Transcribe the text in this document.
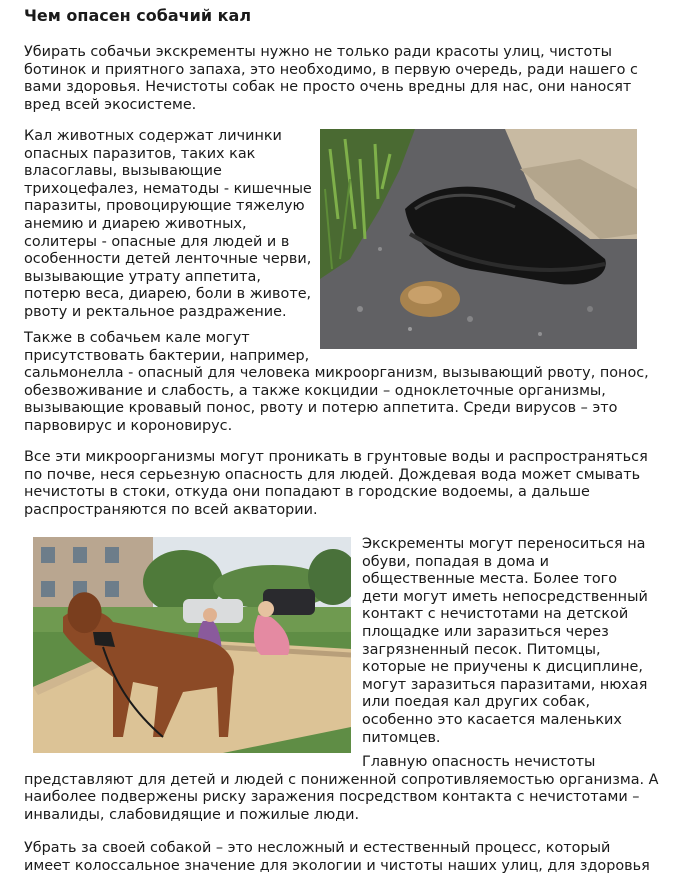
Чем опасен собачий кал

Убирать собачьи экскременты нужно не только ради красоты улиц, чистоты
ботинок и приятного запаха, это необходимо, в первую очередь, ради нашего с
вами здоровья. Нечистоты собак не просто очень вредны для нас, они наносят
вред всей экосистеме.

Кал животных содержат личинки
опасных паразитов, таких как
власоглавы, вызывающие
трихоцефалез, нематоды - кишечные
паразиты, провоцирующие тяжелую
анемию и диарею животных,
солитеры - опасные для людей и в
особенности детей ленточные черви,
вызывающие утрату аппетита,
потерю веса, диарею, боли в животе,
рвоту и ректальное раздражение.

Также в собачьем кале могут
присутствовать бактерии, например,
сальмонелла - опасный для человека микроорганизм, вызывающий рвоту, понос,
обезвоживание и слабость, а также кокцидии – одноклеточные организмы,
вызывающие кровавый понос, рвоту и потерю аппетита. Среди вирусов – это
парвовирус и короновирус.

Все эти микроорганизмы могут проникать в грунтовые воды и распространяться
по почве, неся серьезную опасность для людей. Дождевая вода может смывать
нечистоты в стоки, откуда они попадают в городские водоемы, а дальше
распространяются по всей акватории.

Экскременты могут переноситься на
обуви, попадая в дома и
общественные места. Более того
дети могут иметь непосредственный
контакт с нечистотами на детской
площадке или заразиться через
загрязненный песок. Питомцы,
которые не приучены к дисциплине,
могут заразиться паразитами, нюхая
или поедая кал других собак,
особенно это касается маленьких
питомцев.

Главную опасность нечистоты
представляют для детей и людей с пониженной сопротивляемостью организма. А
наиболее подвержены риску заражения посредством контакта с нечистотами –
инвалиды, слабовидящие и пожилые люди.

Убрать за своей собакой – это несложный и естественный процесс, который
имеет колоссальное значение для экологии и чистоты наших улиц, для здоровья
